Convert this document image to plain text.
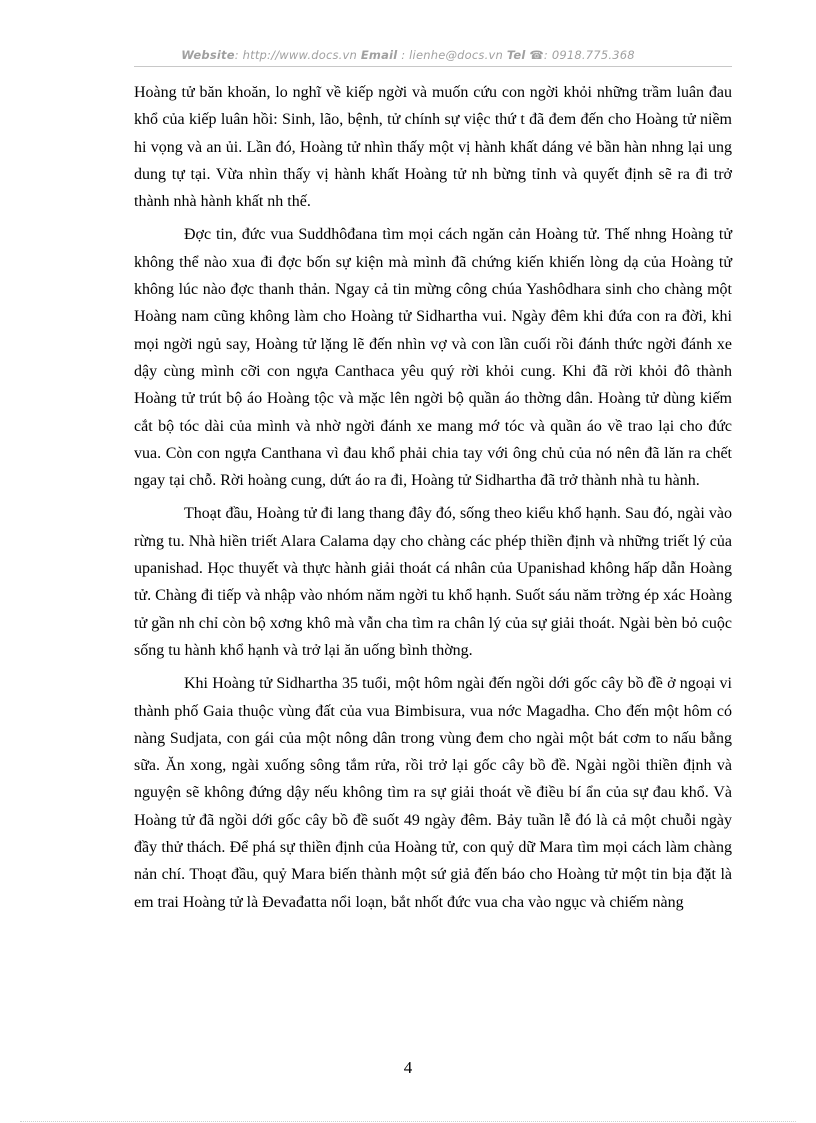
Website: http://www.docs.vn Email : lienhe@docs.vn Tel ☎: 0918.775.368

Hoàng tử băn khoăn, lo nghĩ về kiếp ngời và muốn cứu con ngời khỏi những trầm luân đau khổ của kiếp luân hồi: Sinh, lão, bệnh, tử chính sự việc thứ t đã đem đến cho Hoàng tử niềm hi vọng và an ủi. Lần đó, Hoàng tử nhìn thấy một vị hành khất dáng vẻ bần hàn nhng lại ung dung tự tại. Vừa nhìn thấy vị hành khất Hoàng tử nh bừng tỉnh và quyết định sẽ ra đi trở thành nhà hành khất nh thế.

Đợc tin, đức vua Suddhôđana tìm mọi cách ngăn cản Hoàng tử. Thế nhng Hoàng tử không thể nào xua đi đợc bốn sự kiện mà mình đã chứng kiến khiến lòng dạ của Hoàng tử không lúc nào đợc thanh thản. Ngay cả tin mừng công chúa Yashôdhara sinh cho chàng một Hoàng nam cũng không làm cho Hoàng tử Sidhartha vui. Ngày đêm khi đứa con ra đời, khi mọi ngời ngủ say, Hoàng tử lặng lẽ đến nhìn vợ và con lần cuối rồi đánh thức ngời đánh xe dậy cùng mình cỡi con ngựa Canthaca yêu quý rời khỏi cung. Khi đã rời khỏi đô thành Hoàng tử trút bộ áo Hoàng tộc và mặc lên ngời bộ quần áo thờng dân. Hoàng tử dùng kiếm cắt bộ tóc dài của mình và nhờ ngời đánh xe mang mớ tóc và quần áo về trao lại cho đức vua. Còn con ngựa Canthana vì đau khổ phải chia tay với ông chủ của nó nên đã lăn ra chết ngay tại chỗ. Rời hoàng cung, dứt áo ra đi, Hoàng tử Sidhartha đã trở thành nhà tu hành.

Thoạt đầu, Hoàng tử đi lang thang đây đó, sống theo kiểu khổ hạnh. Sau đó, ngài vào rừng tu. Nhà hiền triết Alara Calama dạy cho chàng các phép thiền định và những triết lý của upanishad. Học thuyết và thực hành giải thoát cá nhân của Upanishad không hấp dẫn Hoàng tử. Chàng đi tiếp và nhập vào nhóm năm ngời tu khổ hạnh. Suốt sáu năm trờng ép xác Hoàng tử gần nh chỉ còn bộ xơng khô mà vẫn cha tìm ra chân lý của sự giải thoát. Ngài bèn bỏ cuộc sống tu hành khổ hạnh và trở lại ăn uống bình thờng.

Khi Hoàng tử Sidhartha 35 tuổi, một hôm ngài đến ngồi dới gốc cây bồ đề ở ngoại vi thành phố Gaia thuộc vùng đất của vua Bimbisura, vua nớc Magadha. Cho đến một hôm có nàng Sudjata, con gái của một nông dân trong vùng đem cho ngài một bát cơm to nấu bằng sữa. Ăn xong, ngài xuống sông tắm rửa, rồi trở lại gốc cây bồ đề. Ngài ngồi thiền định và nguyện sẽ không đứng dậy nếu không tìm ra sự giải thoát về điều bí ẩn của sự đau khổ. Và Hoàng tử đã ngồi dới gốc cây bồ đề suốt 49 ngày đêm. Bảy tuần lễ đó là cả một chuỗi ngày đầy thử thách. Để phá sự thiền định của Hoàng tử, con quỷ dữ Mara tìm mọi cách làm chàng nản chí. Thoạt đầu, quỷ Mara biến thành một sứ giả đến báo cho Hoàng tử một tin bịa đặt là em trai Hoàng tử là Đevađatta nổi loạn, bắt nhốt đức vua cha vào ngục và chiếm nàng

4
